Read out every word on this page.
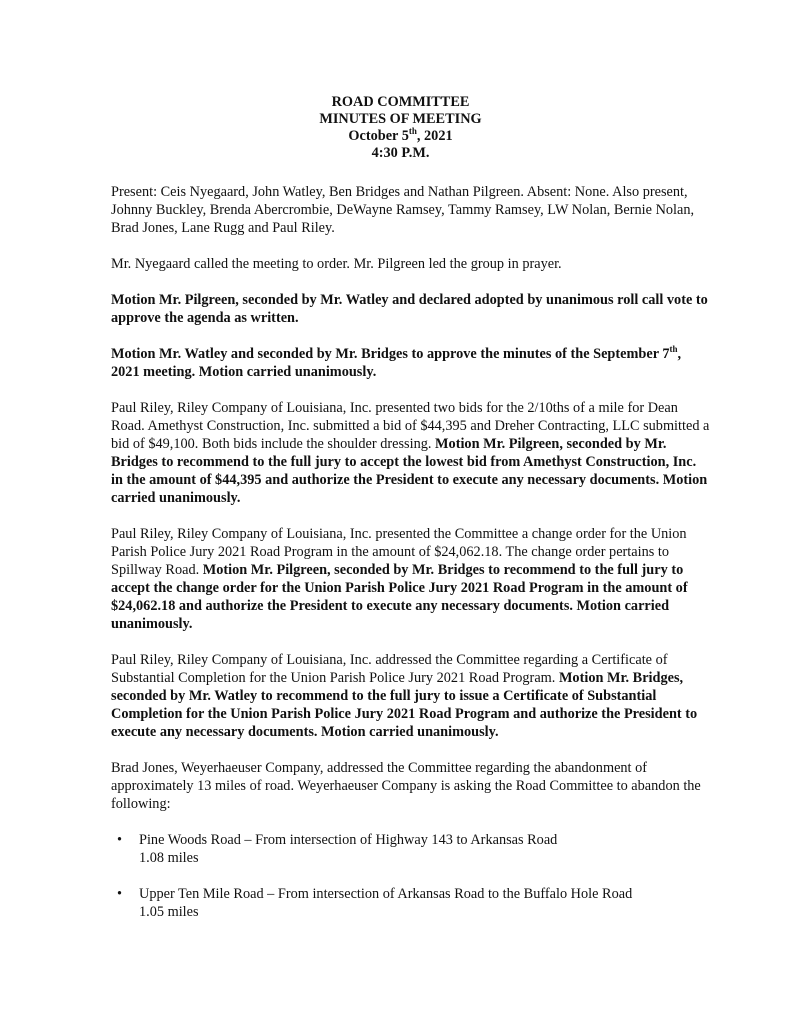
ROAD COMMITTEE
MINUTES OF MEETING
October 5th, 2021
4:30 P.M.

Present: Ceis Nyegaard, John Watley, Ben Bridges and Nathan Pilgreen. Absent: None. Also present, Johnny Buckley, Brenda Abercrombie, DeWayne Ramsey, Tammy Ramsey, LW Nolan, Bernie Nolan, Brad Jones, Lane Rugg and Paul Riley.

Mr. Nyegaard called the meeting to order. Mr. Pilgreen led the group in prayer.

Motion Mr. Pilgreen, seconded by Mr. Watley and declared adopted by unanimous roll call vote to approve the agenda as written.

Motion Mr. Watley and seconded by Mr. Bridges to approve the minutes of the September 7th, 2021 meeting. Motion carried unanimously.

Paul Riley, Riley Company of Louisiana, Inc. presented two bids for the 2/10ths of a mile for Dean Road. Amethyst Construction, Inc. submitted a bid of $44,395 and Dreher Contracting, LLC submitted a bid of $49,100. Both bids include the shoulder dressing. Motion Mr. Pilgreen, seconded by Mr. Bridges to recommend to the full jury to accept the lowest bid from Amethyst Construction, Inc. in the amount of $44,395 and authorize the President to execute any necessary documents. Motion carried unanimously.

Paul Riley, Riley Company of Louisiana, Inc. presented the Committee a change order for the Union Parish Police Jury 2021 Road Program in the amount of $24,062.18. The change order pertains to Spillway Road. Motion Mr. Pilgreen, seconded by Mr. Bridges to recommend to the full jury to accept the change order for the Union Parish Police Jury 2021 Road Program in the amount of $24,062.18 and authorize the President to execute any necessary documents. Motion carried unanimously.

Paul Riley, Riley Company of Louisiana, Inc. addressed the Committee regarding a Certificate of Substantial Completion for the Union Parish Police Jury 2021 Road Program. Motion Mr. Bridges, seconded by Mr. Watley to recommend to the full jury to issue a Certificate of Substantial Completion for the Union Parish Police Jury 2021 Road Program and authorize the President to execute any necessary documents. Motion carried unanimously.

Brad Jones, Weyerhaeuser Company, addressed the Committee regarding the abandonment of approximately 13 miles of road. Weyerhaeuser Company is asking the Road Committee to abandon the following:

• Pine Woods Road – From intersection of Highway 143 to Arkansas Road
1.08 miles
• Upper Ten Mile Road – From intersection of Arkansas Road to the Buffalo Hole Road
1.05 miles
